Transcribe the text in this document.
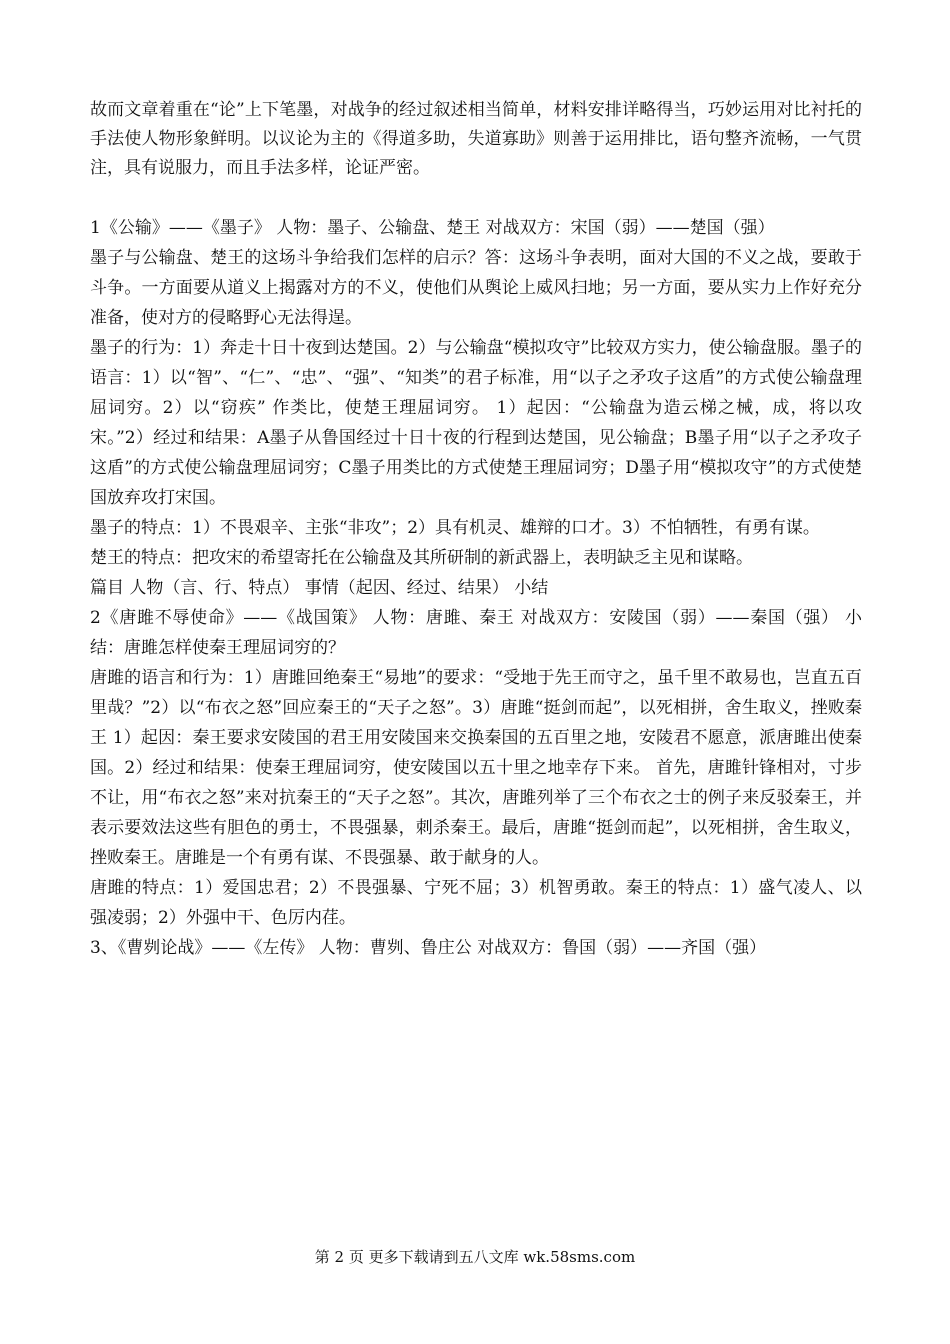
故而文章着重在“论”上下笔墨，对战争的经过叙述相当简单，材料安排详略得当，巧妙运用对比衬托的手法使人物形象鲜明。以议论为主的《得道多助，失道寡助》则善于运用排比，语句整齐流畅，一气贯注，具有说服力，而且手法多样，论证严密。

1《公输》——《墨子》 人物：墨子、公输盘、楚王 对战双方：宋国（弱）——楚国（强）

墨子与公输盘、楚王的这场斗争给我们怎样的启示？答：这场斗争表明，面对大国的不义之战，要敢于斗争。一方面要从道义上揭露对方的不义，使他们从舆论上威风扫地；另一方面，要从实力上作好充分准备，使对方的侵略野心无法得逞。

墨子的行为：1）奔走十日十夜到达楚国。2）与公输盘“模拟攻守”比较双方实力，使公输盘服。墨子的语言：1）以“智”、“仁”、“忠”、“强”、“知类”的君子标准，用“以子之矛攻子这盾”的方式使公输盘理屈词穷。2）以“窃疾” 作类比，使楚王理屈词穷。 1）起因：“公输盘为造云梯之械，成，将以攻宋。”2）经过和结果：A墨子从鲁国经过十日十夜的行程到达楚国，见公输盘；B墨子用“以子之矛攻子这盾”的方式使公输盘理屈词穷；C墨子用类比的方式使楚王理屈词穷；D墨子用“模拟攻守”的方式使楚国放弃攻打宋国。

墨子的特点：1）不畏艰辛、主张“非攻”；2）具有机灵、雄辩的口才。3）不怕牺牲，有勇有谋。

楚王的特点：把攻宋的希望寄托在公输盘及其所研制的新武器上，表明缺乏主见和谋略。

篇目 人物（言、行、特点） 事情（起因、经过、结果） 小结

2《唐雎不辱使命》——《战国策》 人物：唐雎、秦王 对战双方：安陵国（弱）——秦国（强） 小结：唐雎怎样使秦王理屈词穷的？

唐雎的语言和行为：1）唐雎回绝秦王“易地”的要求：“受地于先王而守之，虽千里不敢易也，岂直五百里哉？”2）以“布衣之怒”回应秦王的“天子之怒”。3）唐雎“挺剑而起”，以死相拼，舍生取义，挫败秦王 1）起因：秦王要求安陵国的君王用安陵国来交换秦国的五百里之地，安陵君不愿意，派唐雎出使秦国。2）经过和结果：使秦王理屈词穷，使安陵国以五十里之地幸存下来。 首先，唐雎针锋相对，寸步不让，用“布衣之怒”来对抗秦王的“天子之怒”。其次，唐雎列举了三个布衣之士的例子来反驳秦王，并表示要效法这些有胆色的勇士，不畏强暴，刺杀秦王。最后，唐雎“挺剑而起”，以死相拼，舍生取义，挫败秦王。唐雎是一个有勇有谋、不畏强暴、敢于献身的人。

唐雎的特点：1）爱国忠君；2）不畏强暴、宁死不屈；3）机智勇敢。秦王的特点：1）盛气凌人、以强凌弱；2）外强中干、色厉内荏。

3、《曹刿论战》——《左传》 人物：曹刿、鲁庄公 对战双方：鲁国（弱）——齐国（强）

第 2 页 更多下载请到五八文库 wk.58sms.com
